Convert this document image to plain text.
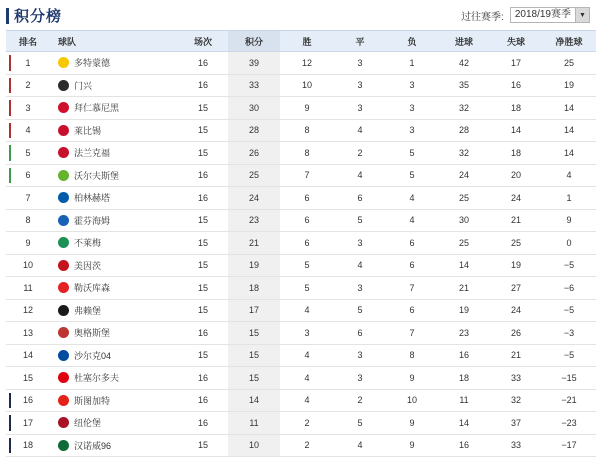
积分榜	过往赛季:	2018/19赛季	▼
排名	球队	场次	积分	胜	平	负	进球	失球	净胜球

1	多特蒙德	16	39	12	3	1	42	17	25

2	门兴	16	33	10	3	3	35	16	19

3	拜仁慕尼黑	15	30	9	3	3	32	18	14

4	莱比锡	15	28	8	4	3	28	14	14

5	法兰克福	15	26	8	2	5	32	18	14

6	沃尔夫斯堡	16	25	7	4	5	24	20	4
7	柏林赫塔	16	24	6	6	4	25	24	1
8	霍芬海姆	15	23	6	5	4	30	21	9
9	不莱梅	15	21	6	3	6	25	25	0
10	美因茨	15	19	5	4	6	14	19	−5
11	勒沃库森	15	18	5	3	7	21	27	−6
12	弗赖堡	15	17	4	5	6	19	24	−5
13	奥格斯堡	16	15	3	6	7	23	26	−3
14	沙尔克04	15	15	4	3	8	16	21	−5
15	杜塞尔多夫	16	15	4	3	9	18	33	−15

16	斯图加特	16	14	4	2	10	11	32	−21

17	纽伦堡	16	11	2	5	9	14	37	−23

18	汉诺威96	15	10	2	4	9	16	33	−17
